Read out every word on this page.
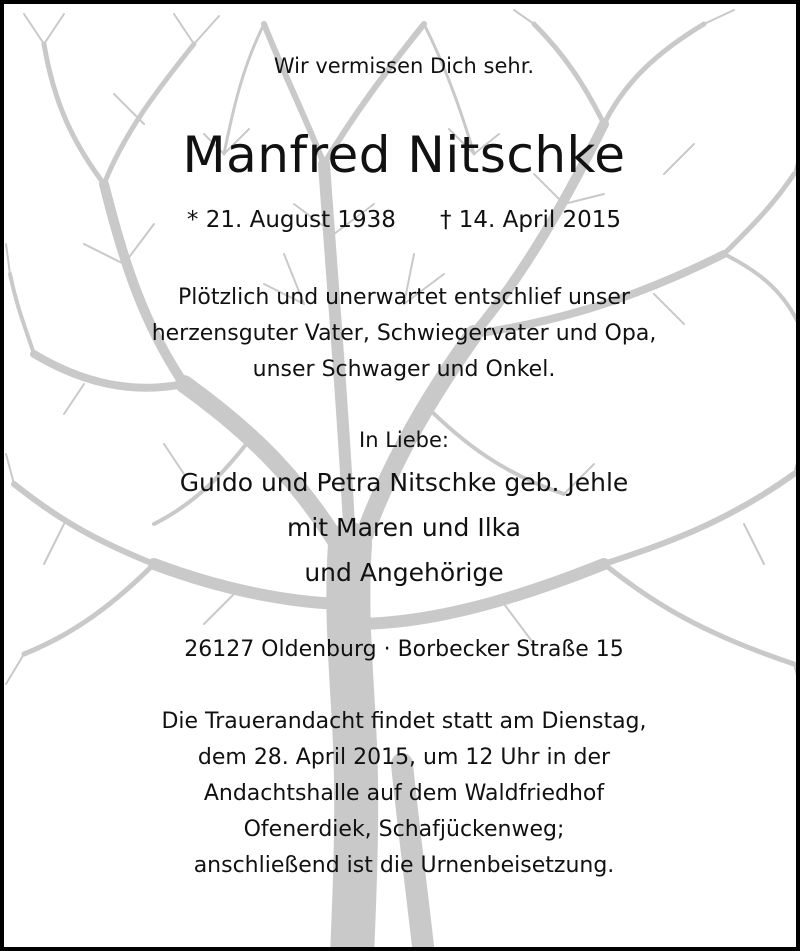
Wir vermissen Dich sehr.
Manfred Nitschke
* 21. August 1938 † 14. April 2015
Plötzlich und unerwartet entschlief unser
herzensguter Vater, Schwiegervater und Opa,
unser Schwager und Onkel.
In Liebe:
Guido und Petra Nitschke geb. Jehle
mit Maren und Ilka
und Angehörige
26127 Oldenburg · Borbecker Straße 15
Die Trauerandacht findet statt am Dienstag,
dem 28. April 2015, um 12 Uhr in der
Andachtshalle auf dem Waldfriedhof
Ofenerdiek, Schafjückenweg;
anschließend ist die Urnenbeisetzung.
